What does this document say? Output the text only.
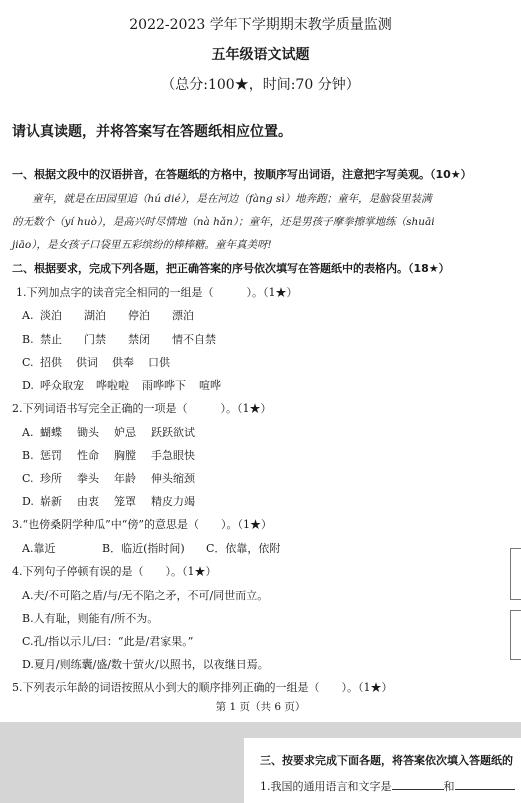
2022-2023 学年下学期期末教学质量监测
五年级语文试题
（总分:100★，时间:70 分钟）
请认真读题，并将答案写在答题纸相应位置。
一、根据文段中的汉语拼音，在答题纸的方格中，按顺序写出词语，注意把字写美观。（10★）
童年，就是在田园里追（hú dié），是在河边（fàng sì）地奔跑；童年，是脑袋里装满
的无数个（yí huò），是高兴时尽情地（nà hǎn）；童年，还是男孩子摩拳擦掌地练（shuāi
jiāo），是女孩子口袋里五彩缤纷的棒棒糖。童年真美呀!
二、根据要求，完成下列各题，把正确答案的序号依次填写在答题纸中的表格内。（18★）
1.下列加点字的读音完全相同的一组是（　　　）。（1★）
A. 淡泊 湖泊 停泊 漂泊
B. 禁止 门禁 禁闭 情不自禁
C. 招供 供词 供奉 口供
D. 呼众取宠 哗啦啦 雨哗哗下 喧哗
2.下列词语书写完全正确的一项是（　　　）。（1★）
A. 蝴蝶 锄头 妒忌 跃跃欲试
B. 惩罚 性命 胸膛 手急眼快
C. 珍所 拳头 年龄 伸头缩颈
D. 崭新 由衷 笼罩 精皮力竭
3.“也傍桑阴学种瓜”中“傍”的意思是（　　）。（1★）
A.靠近	B．临近(指时间) C．依靠，依附
4.下列句子停顿有误的是（　　）。（1★）
A.夫/不可陷之盾/与/无不陷之矛，不可/同世而立。
B.人有耻，则能有/所不为。
C.孔/指以示儿/曰：“此是/君家果。”
D.夏月/则练囊/盛/数十萤火/以照书，以夜继日焉。
5.下列表示年龄的词语按照从小到大的顺序排列正确的一组是（　　）。（1★）
第 1 页（共 6 页）
三、按要求完成下面各题，将答案依次填入答题纸的
1.我国的通用语言和文字是	和
